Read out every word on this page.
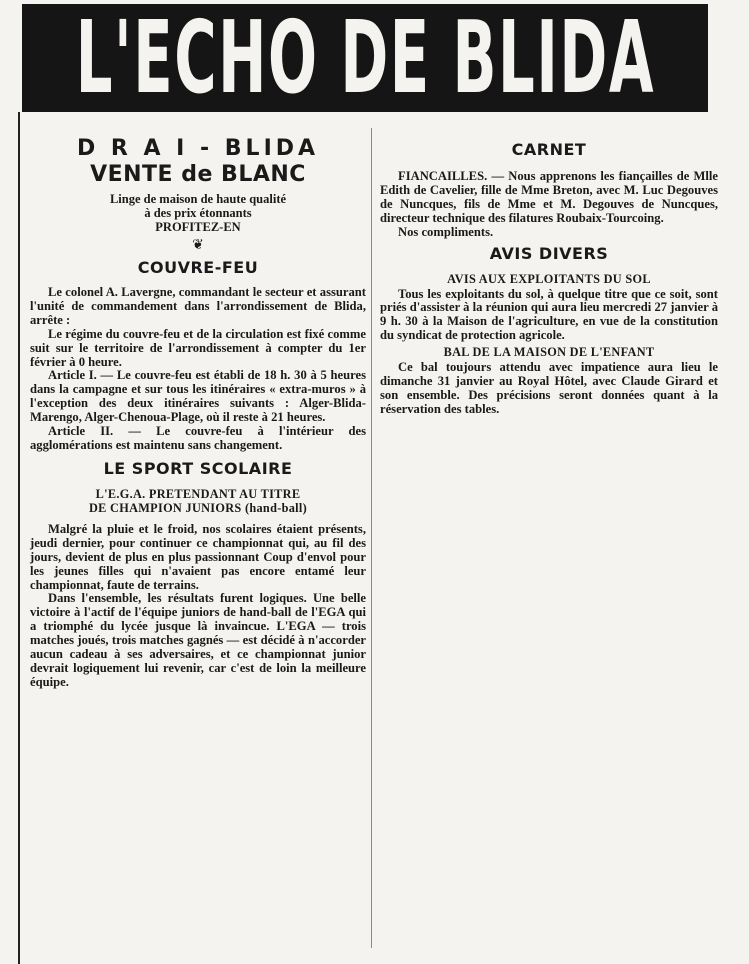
L'ECHO DE BLIDA
D R A I - BLIDA
VENTE de BLANC

Linge de maison de haute qualité

à des prix étonnants

PROFITEZ-EN

❦
COUVRE-FEU

Le colonel A. Lavergne, commandant le secteur et assurant l'unité de commandement dans l'arrondissement de Blida, arrête :

Le régime du couvre-feu et de la circulation est fixé comme suit sur le territoire de l'arrondissement à compter du 1er février à 0 heure.

Article I. — Le couvre-feu est établi de 18 h. 30 à 5 heures dans la campagne et sur tous les itinéraires « extra-muros » à l'exception des deux itinéraires suivants : Alger-Blida-Marengo, Alger-Chenoua-Plage, où il reste à 21 heures.

Article II. — Le couvre-feu à l'intérieur des agglomérations est maintenu sans changement.

LE SPORT SCOLAIRE

L'E.G.A. PRETENDANT AU TITRE

DE CHAMPION JUNIORS (hand-ball)

Malgré la pluie et le froid, nos scolaires étaient présents, jeudi dernier, pour continuer ce championnat qui, au fil des jours, devient de plus en plus passionnant Coup d'envol pour les jeunes filles qui n'avaient pas encore entamé leur championnat, faute de terrains.

Dans l'ensemble, les résultats furent logiques. Une belle victoire à l'actif de l'équipe juniors de hand-ball de l'EGA qui a triomphé du lycée jusque là invaincue. L'EGA — trois matches joués, trois matches gagnés — est décidé à n'accorder aucun cadeau à ses adversaires, et ce championnat junior devrait logiquement lui revenir, car c'est de loin la meilleure équipe.

CARNET

FIANCAILLES. — Nous apprenons les fiançailles de Mlle Edith de Cavelier, fille de Mme Breton, avec M. Luc Degouves de Nuncques, fils de Mme et M. Degouves de Nuncques, directeur technique des filatures Roubaix-Tourcoing.

Nos compliments.

AVIS DIVERS

AVIS AUX EXPLOITANTS DU SOL

Tous les exploitants du sol, à quelque titre que ce soit, sont priés d'assister à la réunion qui aura lieu mercredi 27 janvier à 9 h. 30 à la Maison de l'agriculture, en vue de la constitution du syndicat de protection agricole.

BAL DE LA MAISON DE L'ENFANT

Ce bal toujours attendu avec impatience aura lieu le dimanche 31 janvier au Royal Hôtel, avec Claude Girard et son ensemble. Des précisions seront données quant à la réservation des tables.
